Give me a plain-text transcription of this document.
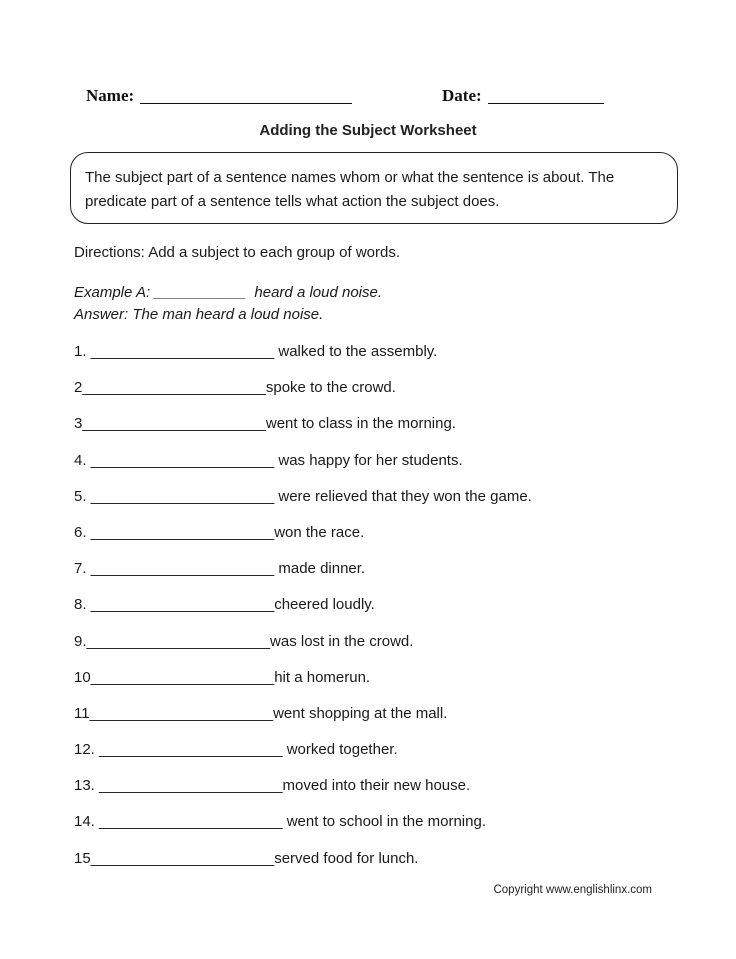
Name:	Date:
Adding the Subject Worksheet

The subject part of a sentence names whom or what the sentence is about. The

predicate part of a sentence tells what action the subject does.

Directions: Add a subject to each group of words.
Example A: ___________  heard a loud noise.
Answer: The man heard a loud noise.
1. ______________________ walked to the assembly.
2______________________spoke to the crowd.
3______________________went to class in the morning.
4. ______________________ was happy for her students.
5. ______________________ were relieved that they won the game.
6. ______________________won the race.
7. ______________________ made dinner.
8. ______________________cheered loudly.
9.______________________was lost in the crowd.
10______________________hit a homerun.
11______________________went shopping at the mall.
12. ______________________ worked together.
13. ______________________moved into their new house.
14. ______________________ went to school in the morning.
15______________________served food for lunch.
Copyright www.englishlinx.com
